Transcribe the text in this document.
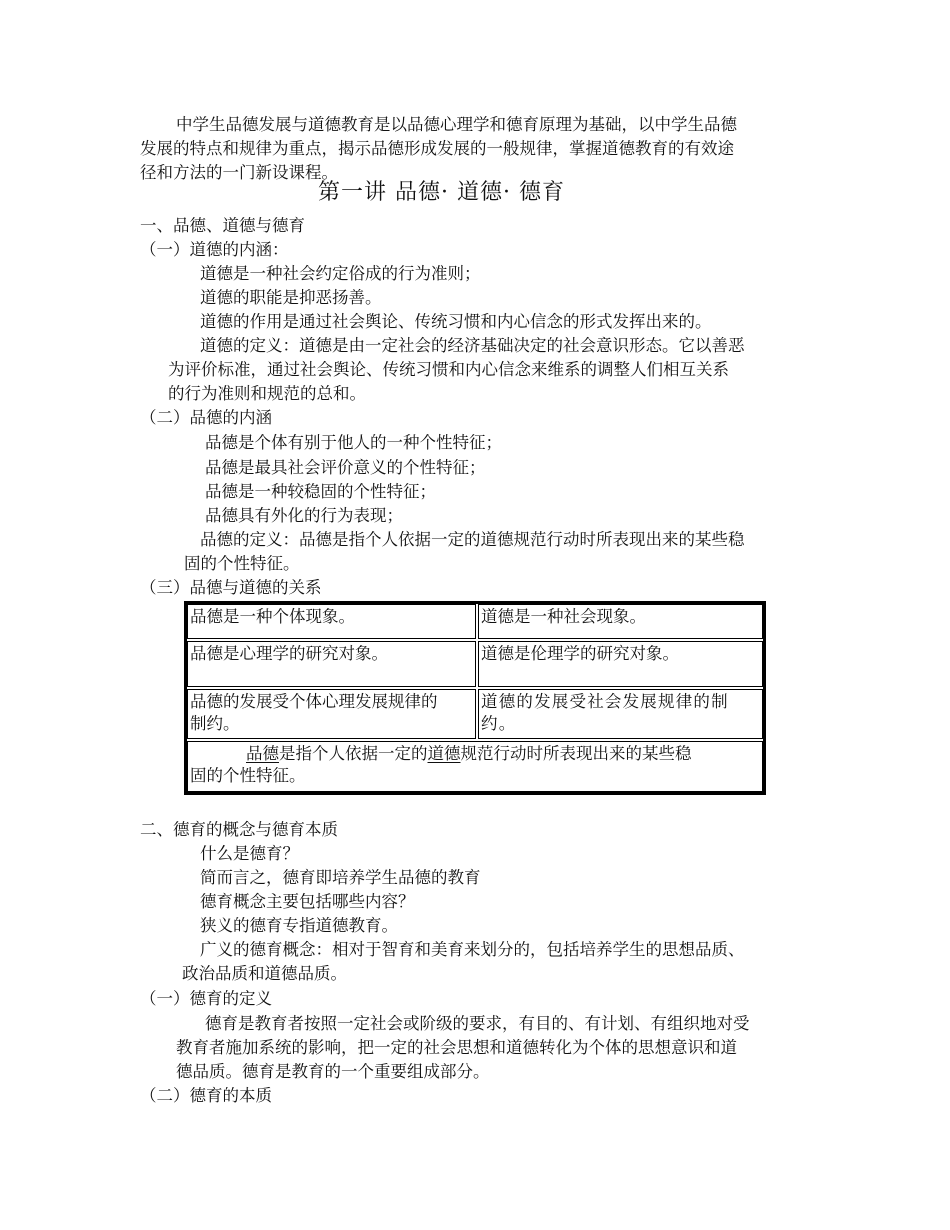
中学生品德发展与道德教育是以品德心理学和德育原理为基础，以中学生品德
发展的特点和规律为重点，揭示品德形成发展的一般规律，掌握道德教育的有效途
径和方法的一门新设课程。
第一讲 品德· 道德· 德育
一、品德、道德与德育
（一）道德的内涵：
道德是一种社会约定俗成的行为准则；
道德的职能是抑恶扬善。
道德的作用是通过社会舆论、传统习惯和内心信念的形式发挥出来的。
道德的定义：道德是由一定社会的经济基础决定的社会意识形态。它以善恶
为评价标准，通过社会舆论、传统习惯和内心信念来维系的调整人们相互关系
的行为准则和规范的总和。
（二）品德的内涵
品德是个体有别于他人的一种个性特征；
品德是最具社会评价意义的个性特征；
品德是一种较稳固的个性特征；
品德具有外化的行为表现；
品德的定义：品德是指个人依据一定的道德规范行动时所表现出来的某些稳
固的个性特征。
（三）品德与道德的关系
品德是一种个体现象。	道德是一种社会现象。
品德是心理学的研究对象。	道德是伦理学的研究对象。
品德的发展受个体心理发展规律的
制约。
道德的发展受社会发展规律的制
约。
品德是指个人依据一定的道德规范行动时所表现出来的某些稳
固的个性特征。
二、德育的概念与德育本质
什么是德育？
简而言之，德育即培养学生品德的教育
德育概念主要包括哪些内容？
狭义的德育专指道德教育。
广义的德育概念：相对于智育和美育来划分的，包括培养学生的思想品质、
政治品质和道德品质。
（一）德育的定义
德育是教育者按照一定社会或阶级的要求，有目的、有计划、有组织地对受
教育者施加系统的影响，把一定的社会思想和道德转化为个体的思想意识和道
德品质。德育是教育的一个重要组成部分。
（二）德育的本质
